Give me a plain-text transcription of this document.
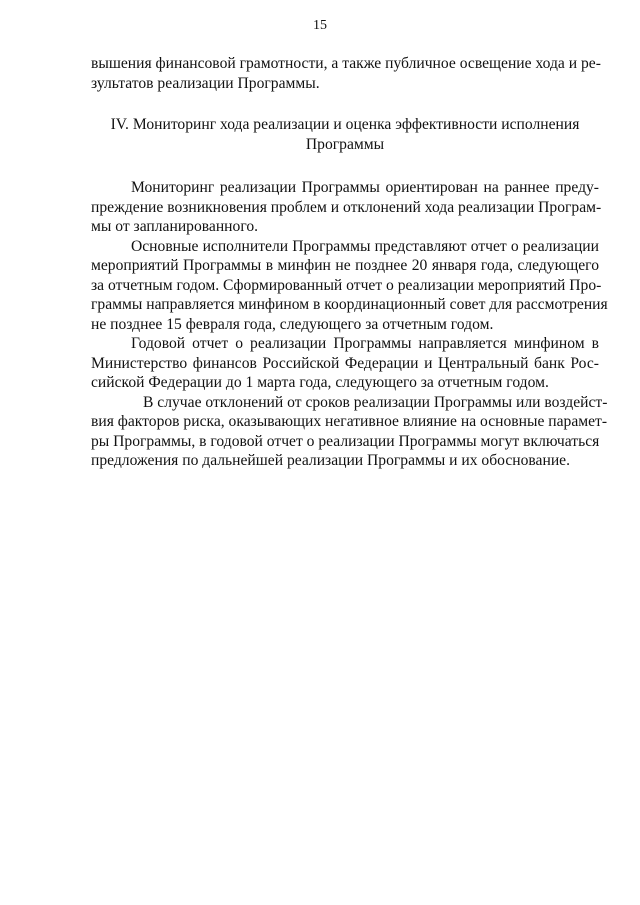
15
вышения финансовой грамотности, а также публичное освещение хода и ре-
зультатов реализации Программы.
IV. Мониторинг хода реализации и оценка эффективности исполнения
Программы
Мониторинг реализации Программы ориентирован на раннее преду-
преждение возникновения проблем и отклонений хода реализации Програм-
мы от запланированного.
Основные исполнители Программы представляют отчет о реализации
мероприятий Программы в минфин не позднее 20 января года, следующего
за отчетным годом. Сформированный отчет о реализации мероприятий Про-
граммы направляется минфином в координационный совет для рассмотрения
не позднее 15 февраля года, следующего за отчетным годом.
Годовой отчет о реализации Программы направляется минфином в
Министерство финансов Российской Федерации и Центральный банк Рос-
сийской Федерации до 1 марта года, следующего за отчетным годом.
В случае отклонений от сроков реализации Программы или воздейст-
вия факторов риска, оказывающих негативное влияние на основные парамет-
ры Программы, в годовой отчет о реализации Программы могут включаться
предложения по дальнейшей реализации Программы и их обоснование.
